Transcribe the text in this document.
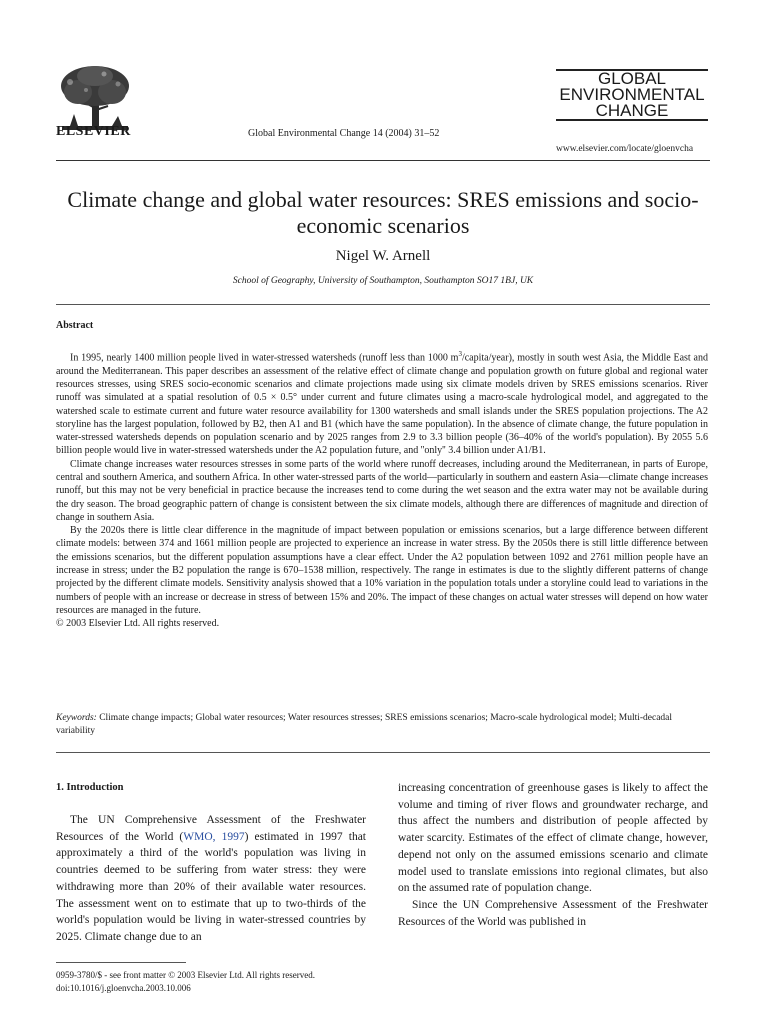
ELSEVIER	Global Environmental Change 14 (2004) 31–52
GLOBAL
ENVIRONMENTAL
CHANGE
www.elsevier.com/locate/gloenvcha
Climate change and global water resources: SRES emissions and socio-economic scenarios
Nigel W. Arnell
School of Geography, University of Southampton, Southampton SO17 1BJ, UK
Abstract

In 1995, nearly 1400 million people lived in water-stressed watersheds (runoff less than 1000 $m^3/capita/year$), mostly in south west Asia, the Middle East and around the Mediterranean. This paper describes an assessment of the relative effect of climate change and population growth on future global and regional water resources stresses, using SRES socio-economic scenarios and climate projections made using six climate models driven by SRES emissions scenarios. River runoff was simulated at a spatial resolution of 0.5 × 0.5° under current and future climates using a macro-scale hydrological model, and aggregated to the watershed scale to estimate current and future water resource availability for 1300 watersheds and small islands under the SRES population projections. The A2 storyline has the largest population, followed by B2, then A1 and B1 (which have the same population). In the absence of climate change, the future population in water-stressed watersheds depends on population scenario and by 2025 ranges from 2.9 to 3.3 billion people (36–40% of the world's population). By 2055 5.6 billion people would live in water-stressed watersheds under the A2 population future, and ''only'' 3.4 billion under A1/B1.

Climate change increases water resources stresses in some parts of the world where runoff decreases, including around the Mediterranean, in parts of Europe, central and southern America, and southern Africa. In other water-stressed parts of the world—particularly in southern and eastern Asia—climate change increases runoff, but this may not be very beneficial in practice because the increases tend to come during the wet season and the extra water may not be available during the dry season. The broad geographic pattern of change is consistent between the six climate models, although there are differences of magnitude and direction of change in southern Asia.

By the 2020s there is little clear difference in the magnitude of impact between population or emissions scenarios, but a large difference between different climate models: between 374 and 1661 million people are projected to experience an increase in water stress. By the 2050s there is still little difference between the emissions scenarios, but the different population assumptions have a clear effect. Under the A2 population between 1092 and 2761 million people have an increase in stress; under the B2 population the range is 670–1538 million, respectively. The range in estimates is due to the slightly different patterns of change projected by the different climate models. Sensitivity analysis showed that a 10% variation in the population totals under a storyline could lead to variations in the numbers of people with an increase or decrease in stress of between 15% and 20%. The impact of these changes on actual water stresses will depend on how water resources are managed in the future.

© 2003 Elsevier Ltd. All rights reserved.

Keywords: Climate change impacts; Global water resources; Water resources stresses; SRES emissions scenarios; Macro-scale hydrological model; Multi-decadal variability
1. Introduction

The UN Comprehensive Assessment of the Freshwater Resources of the World (WMO, 1997) estimated in 1997 that approximately a third of the world's population was living in countries deemed to be suffering from water stress: they were withdrawing more than 20% of their available water resources. The assessment went on to estimate that up to two-thirds of the world's population would be living in water-stressed countries by 2025. Climate change due to an

increasing concentration of greenhouse gases is likely to affect the volume and timing of river flows and groundwater recharge, and thus affect the numbers and distribution of people affected by water scarcity. Estimates of the effect of climate change, however, depend not only on the assumed emissions scenario and climate model used to translate emissions into regional climates, but also on the assumed rate of population change.

Since the UN Comprehensive Assessment of the Freshwater Resources of the World was published in

0959-3780/$ - see front matter © 2003 Elsevier Ltd. All rights reserved.
doi:10.1016/j.gloenvcha.2003.10.006
